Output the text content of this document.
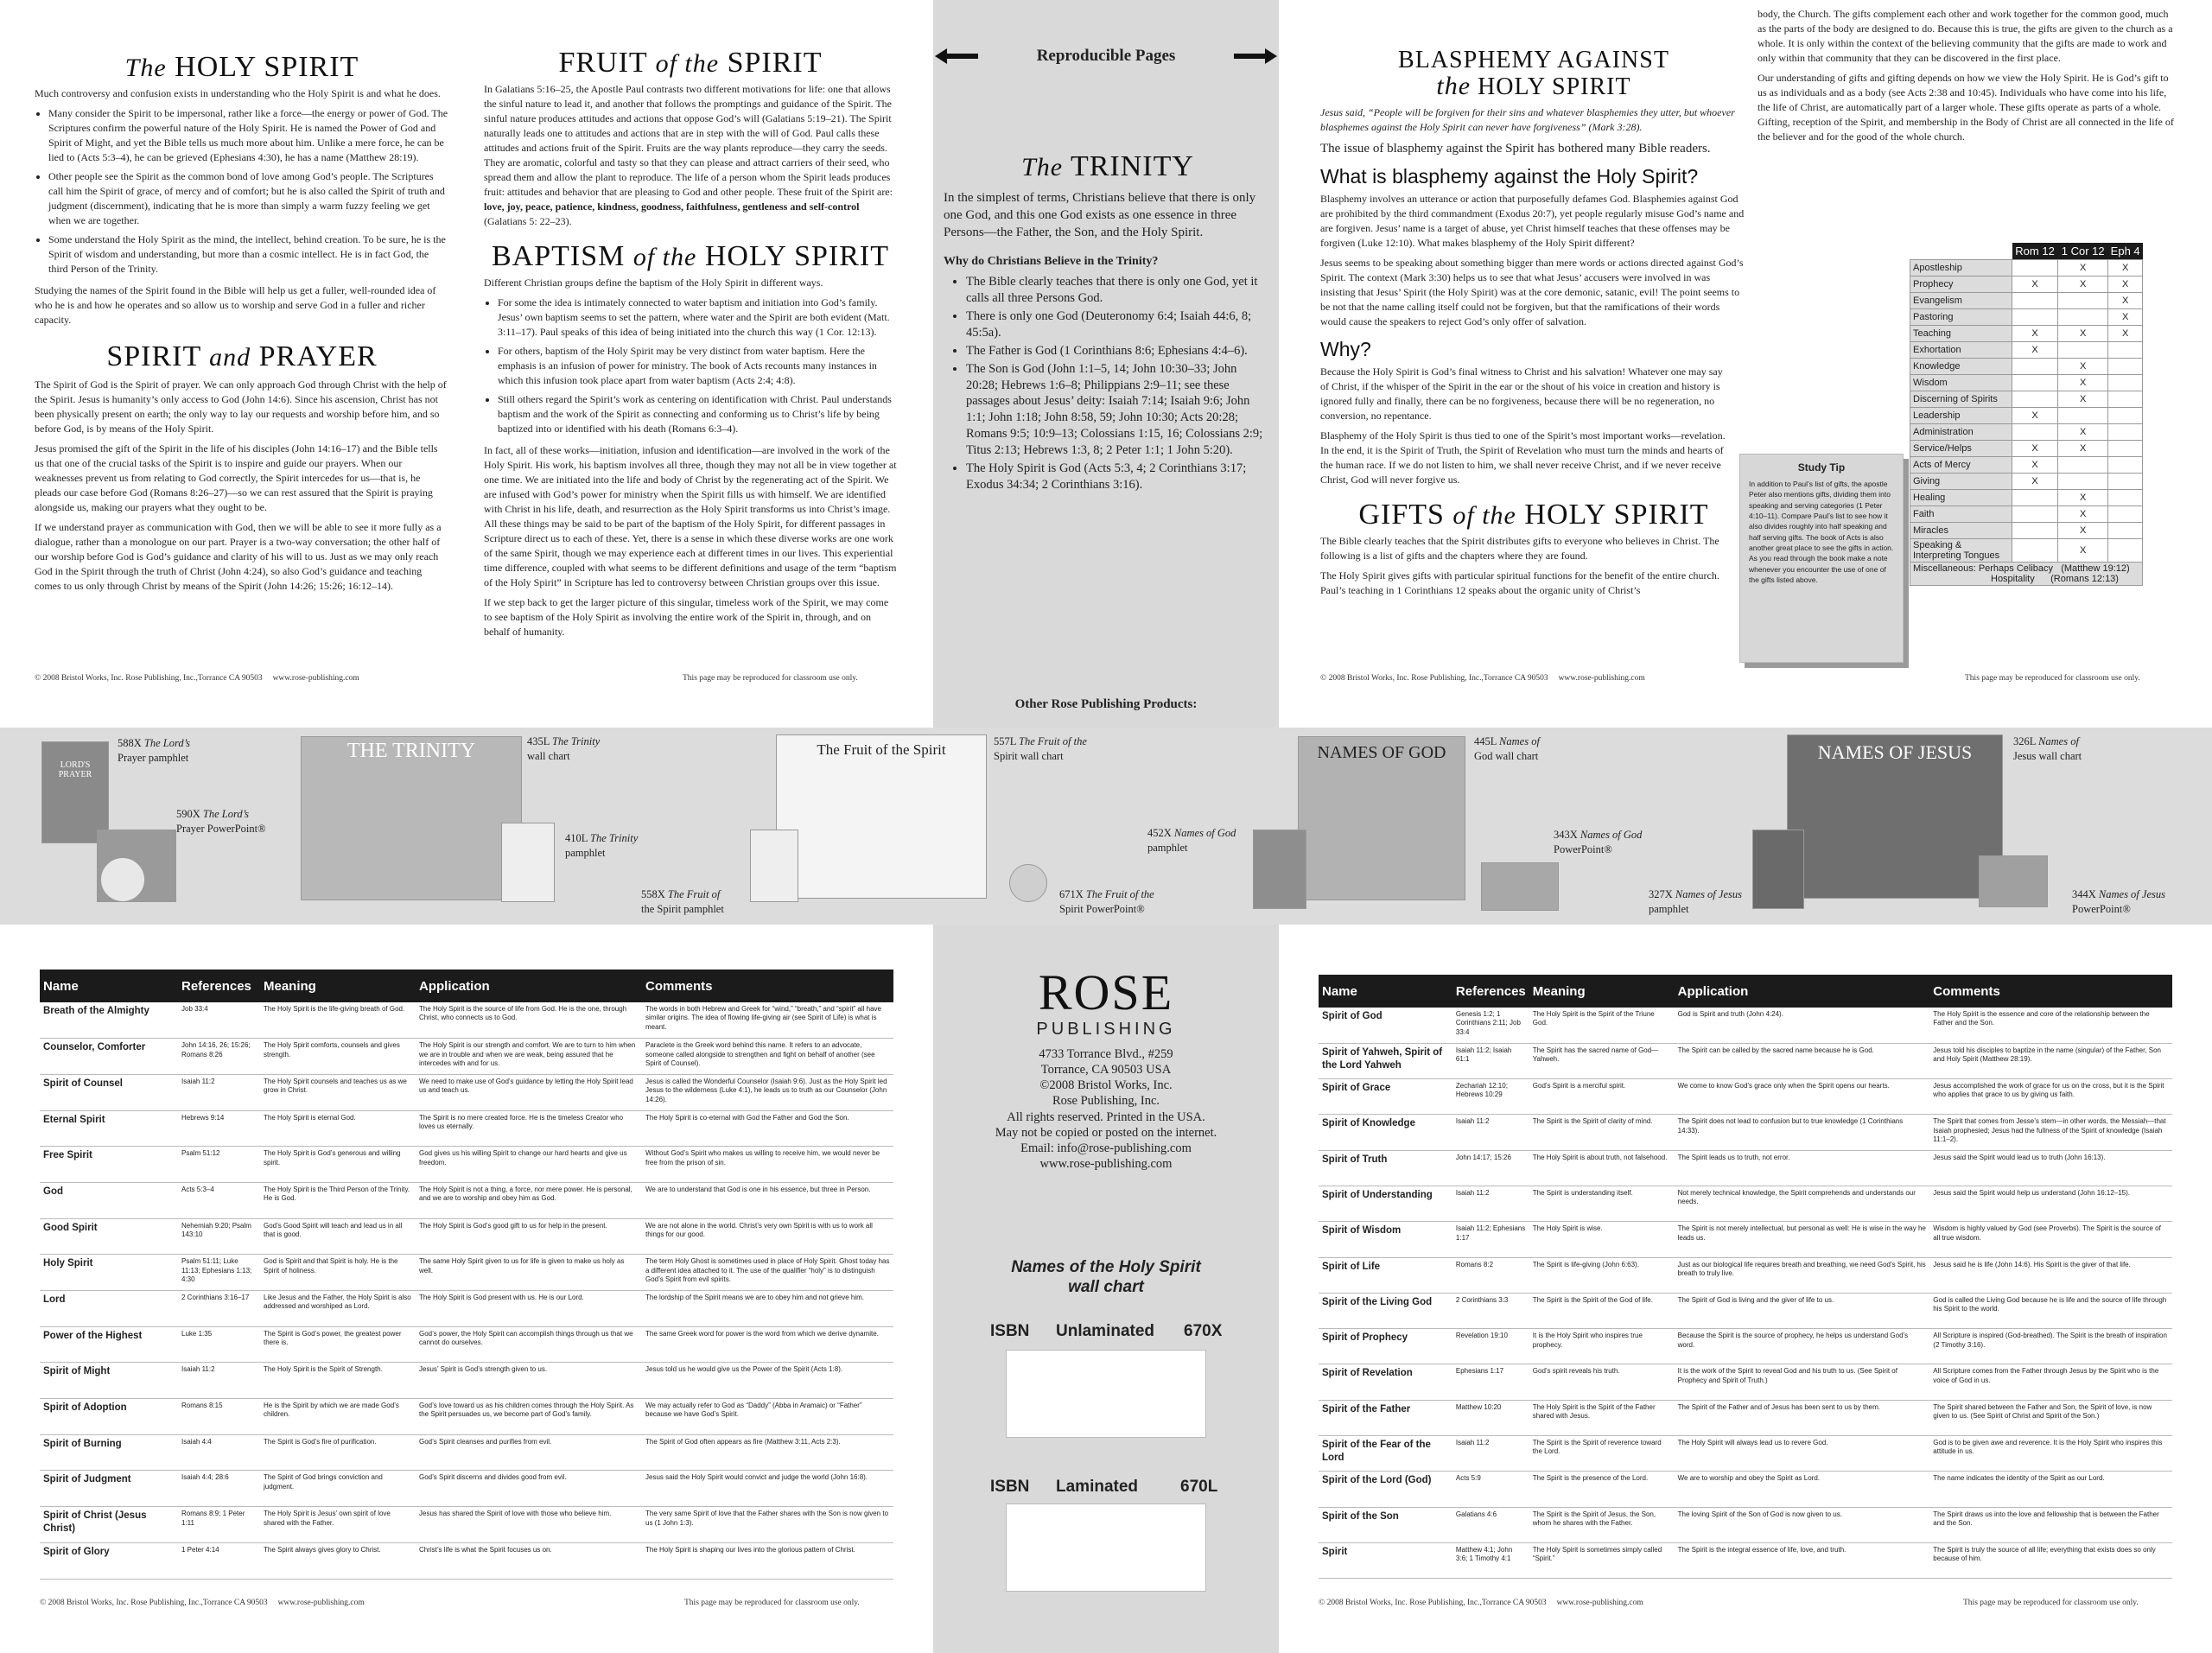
The HOLY SPIRIT

Much controversy and confusion exists in understanding who the Holy Spirit is and what he does.

• Many consider the Spirit to be impersonal, rather like a force—the energy or power of God. The Scriptures confirm the powerful nature of the Holy Spirit. He is named the Power of God and Spirit of Might, and yet the Bible tells us much more about him. Unlike a mere force, he can be lied to (Acts 5:3–4), he can be grieved (Ephesians 4:30), he has a name (Matthew 28:19).
• Other people see the Spirit as the common bond of love among God’s people. The Scriptures call him the Spirit of grace, of mercy and of comfort; but he is also called the Spirit of truth and judgment (discernment), indicating that he is more than simply a warm fuzzy feeling we get when we are together.
• Some understand the Holy Spirit as the mind, the intellect, behind creation. To be sure, he is the Spirit of wisdom and understanding, but more than a cosmic intellect. He is in fact God, the third Person of the Trinity.

Studying the names of the Spirit found in the Bible will help us get a fuller, well-rounded idea of who he is and how he operates and so allow us to worship and serve God in a fuller and richer capacity.

SPIRIT and PRAYER

The Spirit of God is the Spirit of prayer. We can only approach God through Christ with the help of the Spirit. Jesus is humanity’s only access to God (John 14:6). Since his ascension, Christ has not been physically present on earth; the only way to lay our requests and worship before him, and so before God, is by means of the Holy Spirit.

Jesus promised the gift of the Spirit in the life of his disciples (John 14:16–17) and the Bible tells us that one of the crucial tasks of the Spirit is to inspire and guide our prayers. When our weaknesses prevent us from relating to God correctly, the Spirit intercedes for us—that is, he pleads our case before God (Romans 8:26–27)—so we can rest assured that the Spirit is praying alongside us, making our prayers what they ought to be.

If we understand prayer as communication with God, then we will be able to see it more fully as a dialogue, rather than a monologue on our part. Prayer is a two-way conversation; the other half of our worship before God is God’s guidance and clarity of his will to us. Just as we may only reach God in the Spirit through the truth of Christ (John 4:24), so also God’s guidance and teaching comes to us only through Christ by means of the Spirit (John 14:26; 15:26; 16:12–14).

FRUIT of the SPIRIT

In Galatians 5:16–25, the Apostle Paul contrasts two different motivations for life: one that allows the sinful nature to lead it, and another that follows the promptings and guidance of the Spirit. The sinful nature produces attitudes and actions that oppose God’s will (Galatians 5:19–21). The Spirit naturally leads one to attitudes and actions that are in step with the will of God. Paul calls these attitudes and actions fruit of the Spirit. Fruits are the way plants reproduce—they carry the seeds. They are aromatic, colorful and tasty so that they can please and attract carriers of their seed, who spread them and allow the plant to reproduce. The life of a person whom the Spirit leads produces fruit: attitudes and behavior that are pleasing to God and other people. These fruit of the Spirit are: love, joy, peace, patience, kindness, goodness, faithfulness, gentleness and self-control (Galatians 5: 22–23).

BAPTISM of the HOLY SPIRIT

Different Christian groups define the baptism of the Holy Spirit in different ways.

• For some the idea is intimately connected to water baptism and initiation into God’s family. Jesus’ own baptism seems to set the pattern, where water and the Spirit are both evident (Matt. 3:11–17). Paul speaks of this idea of being initiated into the church this way (1 Cor. 12:13).
• For others, baptism of the Holy Spirit may be very distinct from water baptism. Here the emphasis is an infusion of power for ministry. The book of Acts recounts many instances in which this infusion took place apart from water baptism (Acts 2:4; 4:8).
• Still others regard the Spirit’s work as centering on identification with Christ. Paul understands baptism and the work of the Spirit as connecting and conforming us to Christ’s life by being baptized into or identified with his death (Romans 6:3–4).

In fact, all of these works—initiation, infusion and identification—are involved in the work of the Holy Spirit. His work, his baptism involves all three, though they may not all be in view together at one time. We are initiated into the life and body of Christ by the regenerating act of the Spirit. We are infused with God’s power for ministry when the Spirit fills us with himself. We are identified with Christ in his life, death, and resurrection as the Holy Spirit transforms us into Christ’s image. All these things may be said to be part of the baptism of the Holy Spirit, for different passages in Scripture direct us to each of these. Yet, there is a sense in which these diverse works are one work of the same Spirit, though we may experience each at different times in our lives. This experiential time difference, coupled with what seems to be different definitions and usage of the term “baptism of the Holy Spirit” in Scripture has led to controversy between Christian groups over this issue.

If we step back to get the larger picture of this singular, timeless work of the Spirit, we may come to see baptism of the Holy Spirit as involving the entire work of the Spirit in, through, and on behalf of humanity.

© 2008 Bristol Works, Inc. Rose Publishing, Inc.,Torrance CA 90503 www.rose-publishing.com	This page may be reproduced for classroom use only.
Reproducible Pages
The TRINITY

In the simplest of terms, Christians believe that there is only one God, and this one God exists as one essence in three Persons—the Father, the Son, and the Holy Spirit.

Why do Christians Believe in the Trinity?
• The Bible clearly teaches that there is only one God, yet it calls all three Persons God.
• There is only one God (Deuteronomy 6:4; Isaiah 44:6, 8; 45:5a).
• The Father is God (1 Corinthians 8:6; Ephesians 4:4–6).
• The Son is God (John 1:1–5, 14; John 10:30–33; John 20:28; Hebrews 1:6–8; Philippians 2:9–11; see these passages about Jesus’ deity: Isaiah 7:14; Isaiah 9:6; John 1:1; John 1:18; John 8:58, 59; John 10:30; Acts 20:28; Romans 9:5; 10:9–13; Colossians 1:15, 16; Colossians 2:9; Titus 2:13; Hebrews 1:3, 8; 2 Peter 1:1; 1 John 5:20).
• The Holy Spirit is God (Acts 5:3, 4; 2 Corinthians 3:17; Exodus 34:34; 2 Corinthians 3:16).
BLASPHEMY AGAINST
the HOLY SPIRIT

Jesus said, “People will be forgiven for their sins and whatever blasphemies they utter, but whoever blasphemes against the Holy Spirit can never have forgiveness” (Mark 3:28).

The issue of blasphemy against the Spirit has bothered many Bible readers.

What is blasphemy against the Holy Spirit?

Blasphemy involves an utterance or action that purposefully defames God. Blasphemies against God are prohibited by the third commandment (Exodus 20:7), yet people regularly misuse God’s name and are forgiven. Jesus’ name is a target of abuse, yet Christ himself teaches that these offenses may be forgiven (Luke 12:10). What makes blasphemy of the Holy Spirit different?

Jesus seems to be speaking about something bigger than mere words or actions directed against God’s Spirit. The context (Mark 3:30) helps us to see that what Jesus’ accusers were involved in was insisting that Jesus’ Spirit (the Holy Spirit) was at the core demonic, satanic, evil! The point seems to be not that the name calling itself could not be forgiven, but that the ramifications of their words would cause the speakers to reject God’s only offer of salvation.

Why?

Because the Holy Spirit is God’s final witness to Christ and his salvation! Whatever one may say of Christ, if the whisper of the Spirit in the ear or the shout of his voice in creation and history is ignored fully and finally, there can be no forgiveness, because there will be no regeneration, no conversion, no repentance.

Blasphemy of the Holy Spirit is thus tied to one of the Spirit’s most important works—revelation. In the end, it is the Spirit of Truth, the Spirit of Revelation who must turn the minds and hearts of the human race. If we do not listen to him, we shall never receive Christ, and if we never receive Christ, God will never forgive us.

GIFTS of the HOLY SPIRIT

The Bible clearly teaches that the Spirit distributes gifts to everyone who believes in Christ. The following is a list of gifts and the chapters where they are found.

The Holy Spirit gives gifts with particular spiritual functions for the benefit of the entire church. Paul’s teaching in 1 Corinthians 12 speaks about the organic unity of Christ’s

body, the Church. The gifts complement each other and work together for the common good, much as the parts of the body are designed to do. Because this is true, the gifts are given to the church as a whole. It is only within the context of the believing community that the gifts are made to work and only within that community that they can be discovered in the first place.

Our understanding of gifts and gifting depends on how we view the Holy Spirit. He is God’s gift to us as individuals and as a body (see Acts 2:38 and 10:45). Individuals who have come into his life, the life of Christ, are automatically part of a larger whole. These gifts operate as parts of a whole. Gifting, reception of the Spirit, and membership in the Body of Christ are all connected in the life of the believer and for the good of the whole church.

© 2008 Bristol Works, Inc. Rose Publishing, Inc.,Torrance CA 90503 www.rose-publishing.com	This page may be reproduced for classroom use only.
Study Tip
In addition to Paul’s list of gifts, the apostle Peter also mentions gifts, dividing them into speaking and serving categories (1 Peter 4:10–11). Compare Paul’s list to see how it also divides roughly into half speaking and half serving gifts. The book of Acts is also another great place to see the gifts in action. As you read through the book make a note whenever you encounter the use of one of the gifts listed above.
	Rom 12	1 Cor 12	Eph 4
Apostleship		X	X
Prophecy	X	X	X
Evangelism			X
Pastoring			X
Teaching	X	X	X
Exhortation	X		
Knowledge		X	
Wisdom		X	
Discerning of Spirits		X	
Leadership	X		
Administration		X	
Service/Helps	X	X	
Acts of Mercy	X		
Giving	X		
Healing		X	
Faith		X	
Miracles		X	
Speaking & Interpreting Tongues		X	
Miscellaneous: Perhaps Celibacy (Matthew 19:12)
Hospitality (Romans 12:13)			
Other Rose Publishing Products:
LORD'S PRAYER
588X The Lord’s
Prayer pamphlet
590X The Lord’s
Prayer PowerPoint®
THE TRINITY	435L The Trinity
wall chart
410L The Trinity
pamphlet
The Fruit of the Spirit	557L The Fruit of the
Spirit wall chart
558X The Fruit of
the Spirit pamphlet
671X The Fruit of the
Spirit PowerPoint®
NAMES OF GOD
445L Names of
God wall chart
452X Names of God
pamphlet
343X Names of God
PowerPoint®
NAMES OF JESUS	326L Names of
Jesus wall chart
327X Names of Jesus
pamphlet
344X Names of Jesus
PowerPoint®
Name	References	Meaning	Application	Comments
Breath of the Almighty	Job 33:4	The Holy Spirit is the life-giving breath of God.	The Holy Spirit is the source of life from God. He is the one, through Christ, who connects us to God.	The words in both Hebrew and Greek for “wind,” “breath,” and “spirit” all have similar origins. The idea of flowing life-giving air (see Spirit of Life) is what is meant.
Counselor, Comforter	John 14:16, 26; 15:26; Romans 8:26	The Holy Spirit comforts, counsels and gives strength.	The Holy Spirit is our strength and comfort. We are to turn to him when we are in trouble and when we are weak, being assured that he intercedes with and for us.	Paraclete is the Greek word behind this name. It refers to an advocate, someone called alongside to strengthen and fight on behalf of another (see Spirit of Counsel).
Spirit of Counsel	Isaiah 11:2	The Holy Spirit counsels and teaches us as we grow in Christ.	We need to make use of God’s guidance by letting the Holy Spirit lead us and teach us.	Jesus is called the Wonderful Counselor (Isaiah 9:6). Just as the Holy Spirit led Jesus to the wilderness (Luke 4:1), he leads us to truth as our Counselor (John 14:26).
Eternal Spirit	Hebrews 9:14	The Holy Spirit is eternal God.	The Spirit is no mere created force. He is the timeless Creator who loves us eternally.	The Holy Spirit is co-eternal with God the Father and God the Son.
Free Spirit	Psalm 51:12	The Holy Spirit is God’s generous and willing spirit.	God gives us his willing Spirit to change our hard hearts and give us freedom.	Without God’s Spirit who makes us willing to receive him, we would never be free from the prison of sin.
God	Acts 5:3–4	The Holy Spirit is the Third Person of the Trinity. He is God.	The Holy Spirit is not a thing, a force, nor mere power. He is personal, and we are to worship and obey him as God.	We are to understand that God is one in his essence, but three in Person.
Good Spirit	Nehemiah 9:20; Psalm 143:10	God’s Good Spirit will teach and lead us in all that is good.	The Holy Spirit is God’s good gift to us for help in the present.	We are not alone in the world. Christ’s very own Spirit is with us to work all things for our good.
Holy Spirit	Psalm 51:11; Luke 11:13; Ephesians 1:13; 4:30	God is Spirit and that Spirit is holy. He is the Spirit of holiness.	The same Holy Spirit given to us for life is given to make us holy as well.	The term Holy Ghost is sometimes used in place of Holy Spirit. Ghost today has a different idea attached to it. The use of the qualifier “holy” is to distinguish God’s Spirit from evil spirits.
Lord	2 Corinthians 3:16–17	Like Jesus and the Father, the Holy Spirit is also addressed and worshiped as Lord.	The Holy Spirit is God present with us. He is our Lord.	The lordship of the Spirit means we are to obey him and not grieve him.
Power of the Highest	Luke 1:35	The Spirit is God’s power, the greatest power there is.	God’s power, the Holy Spirit can accomplish things through us that we cannot do ourselves.	The same Greek word for power is the word from which we derive dynamite.
Spirit of Might	Isaiah 11:2	The Holy Spirit is the Spirit of Strength.	Jesus’ Spirit is God’s strength given to us.	Jesus told us he would give us the Power of the Spirit (Acts 1:8).
Spirit of Adoption	Romans 8:15	He is the Spirit by which we are made God’s children.	God’s love toward us as his children comes through the Holy Spirit. As the Spirit persuades us, we become part of God’s family.	We may actually refer to God as “Daddy” (Abba in Aramaic) or “Father” because we have God’s Spirit.
Spirit of Burning	Isaiah 4:4	The Spirit is God’s fire of purification.	God’s Spirit cleanses and purifies from evil.	The Spirit of God often appears as fire (Matthew 3:11, Acts 2:3).
Spirit of Judgment	Isaiah 4:4; 28:6	The Spirit of God brings conviction and judgment.	God’s Spirit discerns and divides good from evil.	Jesus said the Holy Spirit would convict and judge the world (John 16:8).
Spirit of Christ (Jesus Christ)	Romans 8:9; 1 Peter 1:11	The Holy Spirit is Jesus’ own spirit of love shared with the Father.	Jesus has shared the Spirit of love with those who believe him.	The very same Spirit of love that the Father shares with the Son is now given to us (1 John 1:3).
Spirit of Glory	1 Peter 4:14	The Spirit always gives glory to Christ.	Christ’s life is what the Spirit focuses us on.	The Holy Spirit is shaping our lives into the glorious pattern of Christ.
© 2008 Bristol Works, Inc. Rose Publishing, Inc.,Torrance CA 90503 www.rose-publishing.com	This page may be reproduced for classroom use only.
Name	References	Meaning	Application	Comments
Spirit of God	Genesis 1:2; 1 Corinthians 2:11; Job 33:4	The Holy Spirit is the Spirit of the Triune God.	God is Spirit and truth (John 4:24).	The Holy Spirit is the essence and core of the relationship between the Father and the Son.
Spirit of Yahweh, Spirit of the Lord Yahweh	Isaiah 11:2; Isaiah 61:1	The Spirit has the sacred name of God—Yahweh.	The Spirit can be called by the sacred name because he is God.	Jesus told his disciples to baptize in the name (singular) of the Father, Son and Holy Spirit (Matthew 28:19).
Spirit of Grace	Zechariah 12:10; Hebrews 10:29	God’s Spirit is a merciful spirit.	We come to know God’s grace only when the Spirit opens our hearts.	Jesus accomplished the work of grace for us on the cross, but it is the Spirit who applies that grace to us by giving us faith.
Spirit of Knowledge	Isaiah 11:2	The Spirit is the Spirit of clarity of mind.	The Spirit does not lead to confusion but to true knowledge (1 Corinthians 14:33).	The Spirit that comes from Jesse’s stem—in other words, the Messiah—that Isaiah prophesied; Jesus had the fullness of the Spirit of knowledge (Isaiah 11:1–2).
Spirit of Truth	John 14:17; 15:26	The Holy Spirit is about truth, not falsehood.	The Spirit leads us to truth, not error.	Jesus said the Spirit would lead us to truth (John 16:13).
Spirit of Understanding	Isaiah 11:2	The Spirit is understanding itself.	Not merely technical knowledge, the Spirit comprehends and understands our needs.	Jesus said the Spirit would help us understand (John 16:12–15).
Spirit of Wisdom	Isaiah 11:2; Ephesians 1:17	The Holy Spirit is wise.	The Spirit is not merely intellectual, but personal as well: He is wise in the way he leads us.	Wisdom is highly valued by God (see Proverbs). The Spirit is the source of all true wisdom.
Spirit of Life	Romans 8:2	The Spirit is life-giving (John 6:63).	Just as our biological life requires breath and breathing, we need God’s Spirit, his breath to truly live.	Jesus said he is life (John 14:6). His Spirit is the giver of that life.
Spirit of the Living God	2 Corinthians 3:3	The Spirit is the Spirit of the God of life.	The Spirit of God is living and the giver of life to us.	God is called the Living God because he is life and the source of life through his Spirit to the world.
Spirit of Prophecy	Revelation 19:10	It is the Holy Spirit who inspires true prophecy.	Because the Spirit is the source of prophecy, he helps us understand God’s word.	All Scripture is inspired (God-breathed). The Spirit is the breath of inspiration (2 Timothy 3:16).
Spirit of Revelation	Ephesians 1:17	God’s spirit reveals his truth.	It is the work of the Spirit to reveal God and his truth to us. (See Spirit of Prophecy and Spirit of Truth.)	All Scripture comes from the Father through Jesus by the Spirit who is the voice of God in us.
Spirit of the Father	Matthew 10:20	The Holy Spirit is the Spirit of the Father shared with Jesus.	The Spirit of the Father and of Jesus has been sent to us by them.	The Spirit shared between the Father and Son, the Spirit of love, is now given to us. (See Spirit of Christ and Spirit of the Son.)
Spirit of the Fear of the Lord	Isaiah 11:2	The Spirit is the Spirit of reverence toward the Lord.	The Holy Spirit will always lead us to revere God.	God is to be given awe and reverence. It is the Holy Spirit who inspires this attitude in us.
Spirit of the Lord (God)	Acts 5:9	The Spirit is the presence of the Lord.	We are to worship and obey the Spirit as Lord.	The name indicates the identity of the Spirit as our Lord.
Spirit of the Son	Galatians 4:6	The Spirit is the Spirit of Jesus, the Son, whom he shares with the Father.	The loving Spirit of the Son of God is now given to us.	The Spirit draws us into the love and fellowship that is between the Father and the Son.
Spirit	Matthew 4:1; John 3:6; 1 Timothy 4:1	The Holy Spirit is sometimes simply called “Spirit.”	The Spirit is the integral essence of life, love, and truth.	The Spirit is truly the source of all life; everything that exists does so only because of him.
© 2008 Bristol Works, Inc. Rose Publishing, Inc.,Torrance CA 90503 www.rose-publishing.com	This page may be reproduced for classroom use only.
ROSE
PUBLISHING
4733 Torrance Blvd., #259
Torrance, CA 90503 USA
©2008 Bristol Works, Inc.
Rose Publishing, Inc.
All rights reserved. Printed in the USA.
May not be copied or posted on the internet.
Email: info@rose-publishing.com
www.rose-publishing.com
Names of the Holy Spirit
wall chart
ISBN Unlaminated 670X
ISBN Laminated	670L
